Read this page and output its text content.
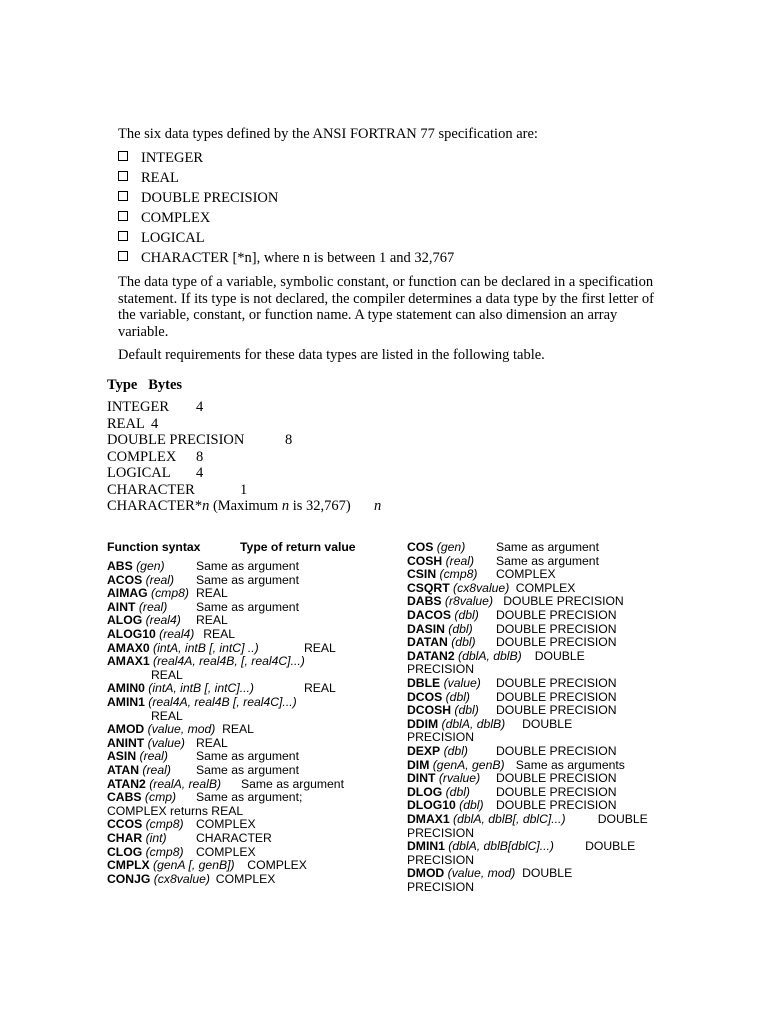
The six data types defined by the ANSI FORTRAN 77 specification are:
INTEGER
REAL
DOUBLE PRECISION
COMPLEX
LOGICAL
CHARACTER [*n], where n is between 1 and 32,767
The data type of a variable, symbolic constant, or function can be declared in a specification statement. If its type is not declared, the compiler determines a data type by the first letter of the variable, constant, or function name. A type statement can also dimension an array variable.
Default requirements for these data types are listed in the following table.
Type Bytes
INTEGER 4
REAL 4
DOUBLE PRECISION	8
COMPLEX 8
LOGICAL 4
CHARACTER	1
CHARACTER*n (Maximum n is 32,767) n
Function syntax	Type of return value
ABS (gen)	Same as argument
ACOS (real) Same as argument
AIMAG (cmp8) REAL
AINT (real) Same as argument
ALOG (real4) REAL
ALOG10 (real4) REAL
AMAX0 (intA, intB [, intC] ..)	REAL
AMAX1 (real4A, real4B, [, real4C]...)
REAL
AMIN0 (intA, intB [, intC]...)	REAL
AMIN1 (real4A, real4B [, real4C]...)
REAL
AMOD (value, mod) REAL
ANINT (value) REAL
ASIN (real) Same as argument
ATAN (real) Same as argument
ATAN2 (realA, realB) Same as argument
CABS (cmp) Same as argument;
COMPLEX returns REAL
CCOS (cmp8) COMPLEX
CHAR (int) CHARACTER
CLOG (cmp8) COMPLEX
CMPLX (genA [, genB]) COMPLEX
CONJG (cx8value) COMPLEX
COS (gen)	Same as argument
COSH (real) Same as argument
CSIN (cmp8) COMPLEX
CSQRT (cx8value) COMPLEX
DABS (r8value) DOUBLE PRECISION
DACOS (dbl) DOUBLE PRECISION
DASIN (dbl) DOUBLE PRECISION
DATAN (dbl) DOUBLE PRECISION
DATAN2 (dblA, dblB) DOUBLE
PRECISION
DBLE (value) DOUBLE PRECISION
DCOS (dbl) DOUBLE PRECISION
DCOSH (dbl) DOUBLE PRECISION
DDIM (dblA, dblB) DOUBLE
PRECISION
DEXP (dbl) DOUBLE PRECISION
DIM (genA, genB) Same as arguments
DINT (rvalue) DOUBLE PRECISION
DLOG (dbl) DOUBLE PRECISION
DLOG10 (dbl) DOUBLE PRECISION
DMAX1 (dblA, dblB[, dblC]...)	DOUBLE
PRECISION
DMIN1 (dblA, dblB[dblC]...)	DOUBLE
PRECISION
DMOD (value, mod) DOUBLE
PRECISION
